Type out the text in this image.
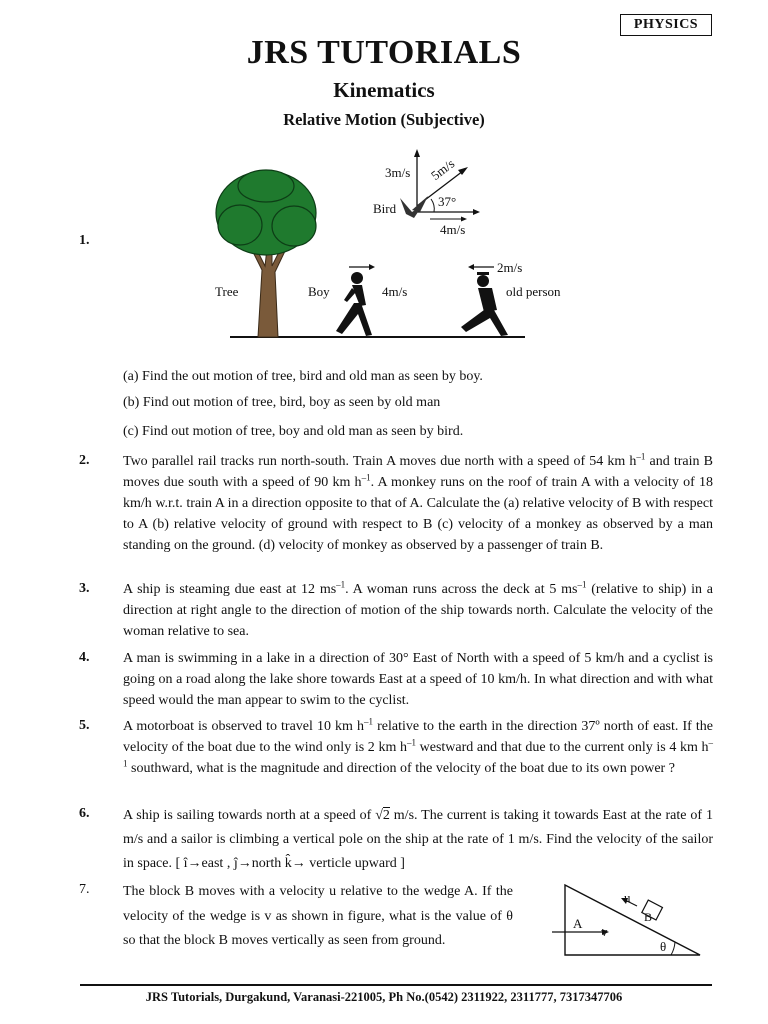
PHYSICS
JRS TUTORIALS
Kinematics
Relative Motion (Subjective)
1.
Tree	Boy	4m/s	old person
2m/s
Bird
3m/s 5m/s
37°
4m/s
(a) Find the out motion of tree, bird and old man as seen by boy.
(b) Find out motion of tree, bird, boy as seen by old man
(c) Find out motion of tree, boy and old man as seen by bird.
2. Two parallel rail tracks run north-south. Train A moves due north with a speed of 54 km $h^{-1}$ and train B moves due south with a speed of 90 km $h^{-1}$. A monkey runs on the roof of train A with a velocity of 18 km/h w.r.t. train A in a direction opposite to that of A. Calculate the (a) relative velocity of B with respect to A (b) relative velocity of ground with respect to B (c) velocity of a monkey as observed by a man standing on the ground. (d) velocity of monkey as observed by a passenger of train B.
3. A ship is steaming due east at 12 $ms^{-1}$. A woman runs across the deck at 5 $ms^{-1}$ (relative to ship) in a direction at right angle to the direction of motion of the ship towards north. Calculate the velocity of the woman relative to sea.
4. A man is swimming in a lake in a direction of 30° East of North with a speed of 5 km/h and a cyclist is going on a road along the lake shore towards East at a speed of 10 km/h. In what direction and with what speed would the man appear to swim to the cyclist.
5. A motorboat is observed to travel 10 km $h^{-1}$ relative to the earth in the direction 37º north of east. If the velocity of the boat due to the wind only is 2 km $h^{-1}$ westward and that due to the current only is 4 km $h^{-1}$ southward, what is the magnitude and direction of the velocity of the boat due to its own power ?
6. A ship is sailing towards north at a speed of √2 m/s. The current is taking it towards East at the rate of 1 m/s and a sailor is climbing a vertical pole on the ship at the rate of 1 m/s. Find the velocity of the sailor in space. [ î→east , ĵ→north k̂→ verticle upward ]
7. The block B moves with a velocity u relative to the wedge A. If the velocity of the wedge is v as shown in figure, what is the value of θ so that the block B moves vertically as seen from ground.
A	B
u
v
θ
JRS Tutorials, Durgakund, Varanasi-221005, Ph No.(0542) 2311922, 2311777, 7317347706
